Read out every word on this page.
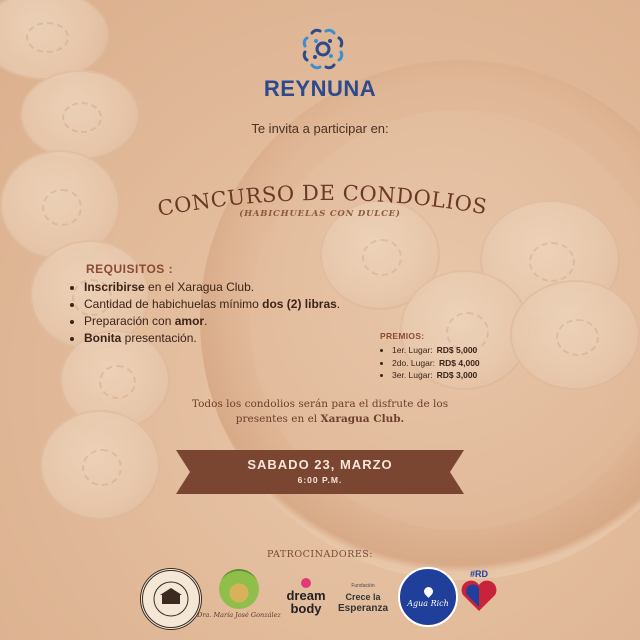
REYNUNA
Te invita a participar en:
CONCURSO DE CONDOLIOS
(HABICHUELAS CON DULCE)
REQUISITOS :
• Inscribirse en el Xaragua Club.
• Cantidad de habichuelas mínimo dos (2) libras.
• Preparación con amor.
• Bonita presentación.	PREMIOS:
• 1er. Lugar: RD$ 5,000
• 2do. Lugar: RD$ 4,000
• 3er. Lugar: RD$ 3,000
Todos los condolios serán para el disfrute de los
presentes en el Xaragua Club.
SABADO 23, MARZO
6:00 P.M.
PATROCINADORES:
Dra. María José González
dream
body
Fundación
Crece la
Esperanza Agua Rich
#RD
